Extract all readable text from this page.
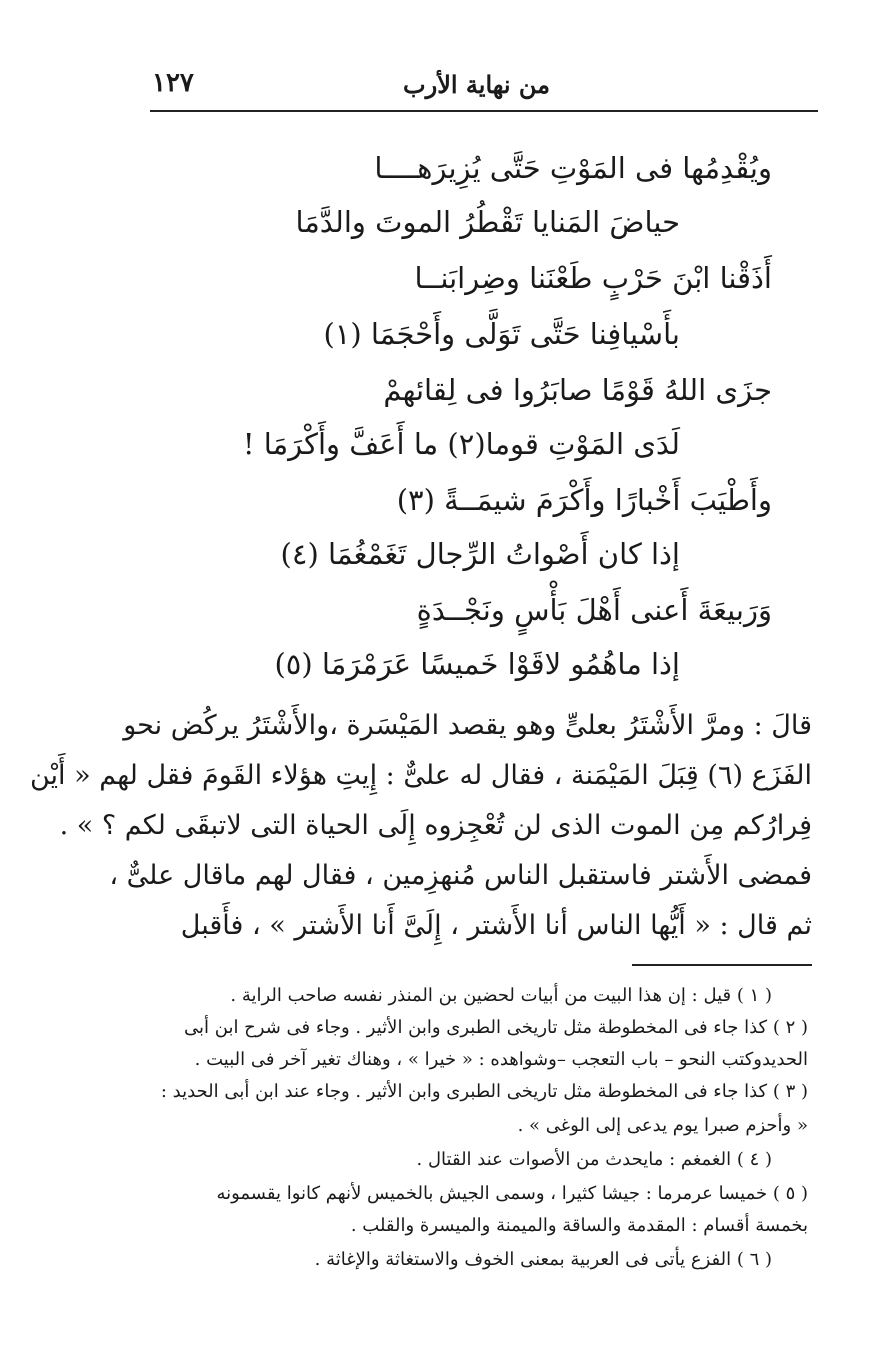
من نهاية الأرب
١٢٧
ويُقْدِمُها فى المَوْتِ حَتَّى يُزِيرَهــــا
حياضَ المَنايا تَقْطُرُ الموتَ والدَّمَا
أَذَقْنا ابْنَ حَرْبٍ طَعْنَنا وضِرابَنــا
بأَسْيافِنا حَتَّى تَوَلَّى وأَحْجَمَا (١)
جزَى اللهُ قَوْمًا صابَرُوا فى لِقائهمْ
لَدَى المَوْتِ قوما(٢) ما أَعَفَّ وأَكْرَمَا !
وأَطْيَبَ أَخْبارًا وأَكْرَمَ شيمَــةً (٣)
إذا كان أَصْواتُ الرِّجال تَغَمْغُمَا (٤)
وَرَبيعَةَ أَعنى أَهْلَ بَأْسٍ ونَجْــدَةٍ
إذا ماهُمُو لاقَوْا خَميسًا عَرَمْرَمَا (٥)
قالَ : ومرَّ الأَشْتَرُ بعلىٍّ وهو يقصد المَيْسَرة ،والأَشْتَرُ يركُض نحو
الفَزَع (٦) قِبَلَ المَيْمَنة ، فقال له علىٌّ : إِيتِ هؤلاء القَومَ فقل لهم « أَيْن
فِرارُكم مِن الموت الذى لن تُعْجِزوه إِلَى الحياة التى لاتبقَى لكم ؟ » .
فمضى الأَشتر فاستقبل الناس مُنهزِمين ، فقال لهم ماقال علىٌّ ،
ثم قال : « أَيُّها الناس أنا الأَشتر ، إِلَىَّ أَنا الأَشتر » ، فأَقبل
( ١ ) قيل : إن هذا البيت من أبيات لحضين بن المنذر نفسه صاحب الراية .
( ٢ ) كذا جاء فى المخطوطة مثل تاريخى الطبرى وابن الأثير . وجاء فى شرح ابن أبى
الحديدوكتب النحو – باب التعجب –وشواهده : « خيرا » ، وهناك تغير آخر فى البيت .
( ٣ ) كذا جاء فى المخطوطة مثل تاريخى الطبرى وابن الأثير . وجاء عند ابن أبى الحديد :
« وأحزم صبرا يوم يدعى إلى الوغى » .
( ٤ ) الغمغم : مايحدث من الأصوات عند القتال .
( ٥ ) خميسا عرمرما : جيشا كثيرا ، وسمى الجيش بالخميس لأنهم كانوا يقسمونه
بخمسة أقسام : المقدمة والساقة والميمنة والميسرة والقلب .
( ٦ ) الفزع يأتى فى العربية بمعنى الخوف والاستغاثة والإغاثة .
